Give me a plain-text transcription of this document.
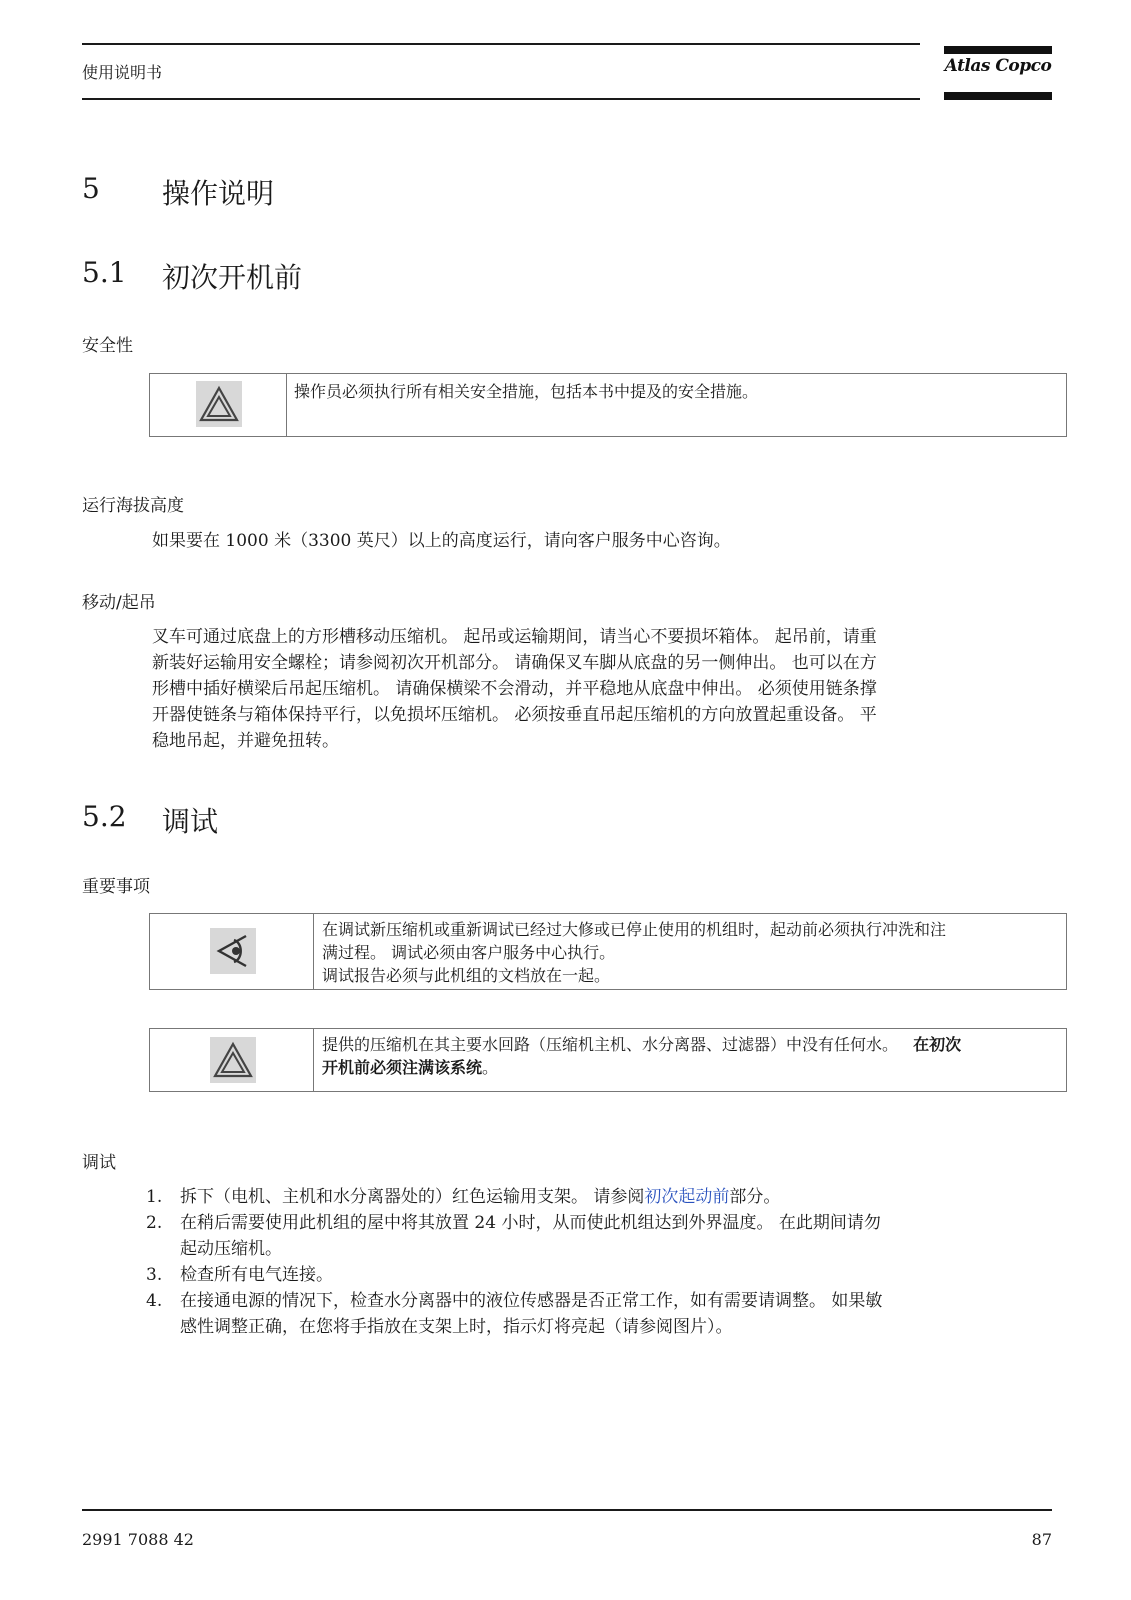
使用说明书	Atlas Copco
5 操作说明
5.1 初次开机前
安全性
操作员必须执行所有相关安全措施，包括本书中提及的安全措施。
运行海拔高度
如果要在 1000 米（3300 英尺）以上的高度运行，请向客户服务中心咨询。
移动/起吊
叉车可通过底盘上的方形槽移动压缩机。 起吊或运输期间，请当心不要损坏箱体。 起吊前，请重
新装好运输用安全螺栓；请参阅初次开机部分。 请确保叉车脚从底盘的另一侧伸出。 也可以在方
形槽中插好横梁后吊起压缩机。 请确保横梁不会滑动，并平稳地从底盘中伸出。 必须使用链条撑
开器使链条与箱体保持平行，以免损坏压缩机。 必须按垂直吊起压缩机的方向放置起重设备。 平
稳地吊起，并避免扭转。
5.2 调试
重要事项
在调试新压缩机或重新调试已经过大修或已停止使用的机组时，起动前必须执行冲洗和注
满过程。 调试必须由客户服务中心执行。
调试报告必须与此机组的文档放在一起。
提供的压缩机在其主要水回路（压缩机主机、水分离器、过滤器）中没有任何水。 在初次
开机前必须注满该系统。
调试
1. 拆下（电机、主机和水分离器处的）红色运输用支架。 请参阅初次起动前部分。
2. 在稍后需要使用此机组的屋中将其放置 24 小时，从而使此机组达到外界温度。 在此期间请勿
起动压缩机。
3. 检查所有电气连接。
4. 在接通电源的情况下，检查水分离器中的液位传感器是否正常工作，如有需要请调整。 如果敏
感性调整正确，在您将手指放在支架上时，指示灯将亮起（请参阅图片）。
2991 7088 42	87
